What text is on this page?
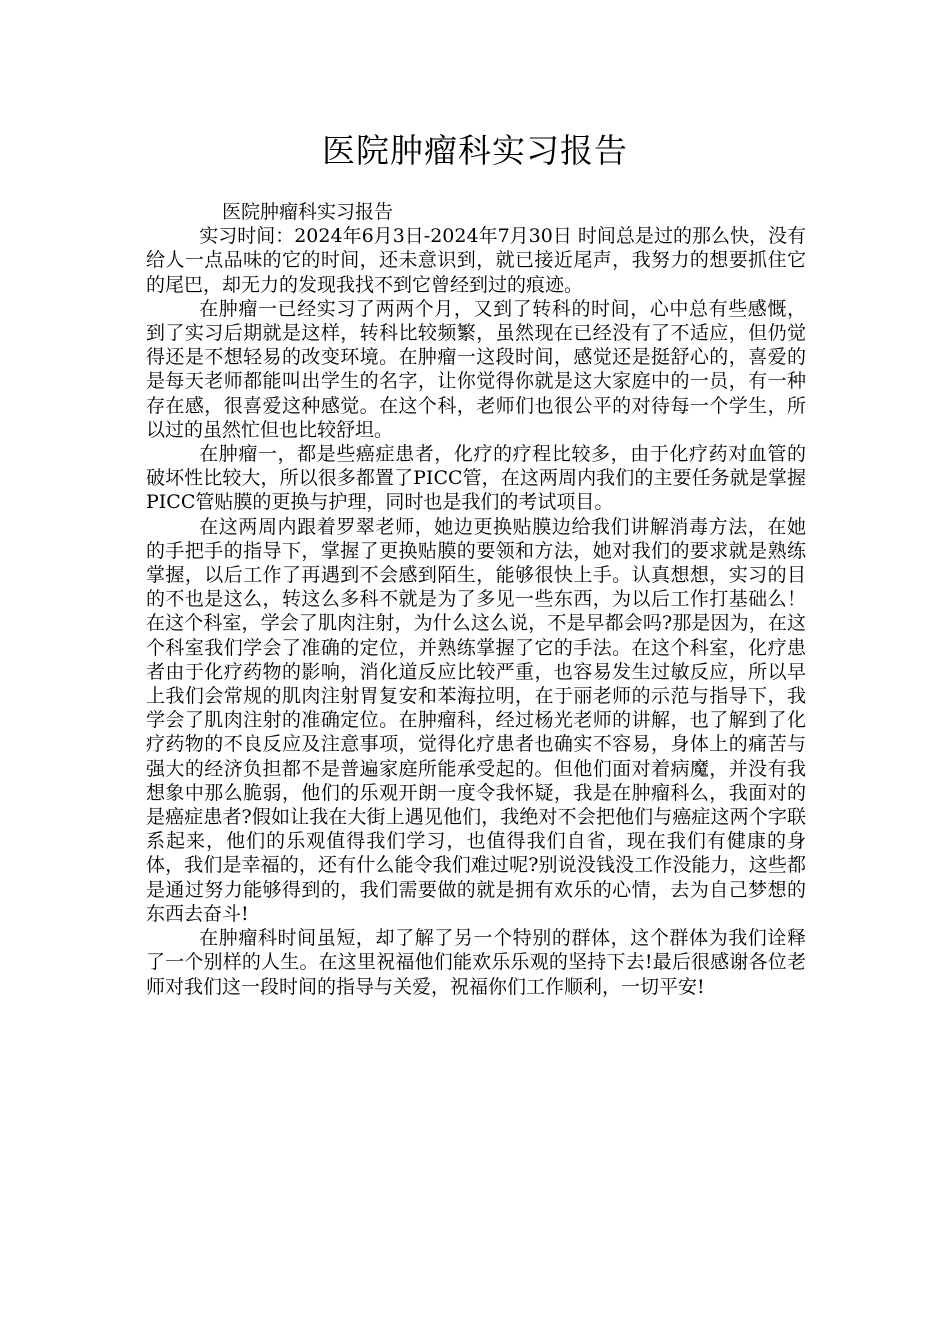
医院肿瘤科实习报告

医院肿瘤科实习报告

实习时间：2024年6月3日-2024年7月30日 时间总是过的那么快，没有给人一点品味的它的时间，还未意识到，就已接近尾声，我努力的想要抓住它的尾巴，却无力的发现我找不到它曾经到过的痕迹。

在肿瘤一已经实习了两两个月，又到了转科的时间，心中总有些感慨，到了实习后期就是这样，转科比较频繁，虽然现在已经没有了不适应，但仍觉得还是不想轻易的改变环境。在肿瘤一这段时间，感觉还是挺舒心的，喜爱的是每天老师都能叫出学生的名字，让你觉得你就是这大家庭中的一员，有一种存在感，很喜爱这种感觉。在这个科，老师们也很公平的对待每一个学生，所以过的虽然忙但也比较舒坦。

在肿瘤一，都是些癌症患者，化疗的疗程比较多，由于化疗药对血管的破坏性比较大，所以很多都置了PICC管，在这两周内我们的主要任务就是掌握PICC管贴膜的更换与护理，同时也是我们的考试项目。

在这两周内跟着罗翠老师，她边更换贴膜边给我们讲解消毒方法，在她的手把手的指导下，掌握了更换贴膜的要领和方法，她对我们的要求就是熟练掌握，以后工作了再遇到不会感到陌生，能够很快上手。认真想想，实习的目的不也是这么，转这么多科不就是为了多见一些东西，为以后工作打基础么！在这个科室，学会了肌肉注射，为什么这么说，不是早都会吗?那是因为，在这个科室我们学会了准确的定位，并熟练掌握了它的手法。在这个科室，化疗患者由于化疗药物的影响，消化道反应比较严重，也容易发生过敏反应，所以早上我们会常规的肌肉注射胃复安和苯海拉明，在于丽老师的示范与指导下，我学会了肌肉注射的准确定位。在肿瘤科，经过杨光老师的讲解，也了解到了化疗药物的不良反应及注意事项，觉得化疗患者也确实不容易，身体上的痛苦与强大的经济负担都不是普遍家庭所能承受起的。但他们面对着病魔，并没有我想象中那么脆弱，他们的乐观开朗一度令我怀疑，我是在肿瘤科么，我面对的是癌症患者?假如让我在大街上遇见他们，我绝对不会把他们与癌症这两个字联系起来，他们的乐观值得我们学习，也值得我们自省，现在我们有健康的身体，我们是幸福的，还有什么能令我们难过呢?别说没钱没工作没能力，这些都是通过努力能够得到的，我们需要做的就是拥有欢乐的心情，去为自己梦想的东西去奋斗!

在肿瘤科时间虽短，却了解了另一个特别的群体，这个群体为我们诠释了一个别样的人生。在这里祝福他们能欢乐乐观的坚持下去!最后很感谢各位老师对我们这一段时间的指导与关爱，祝福你们工作顺利，一切平安!
